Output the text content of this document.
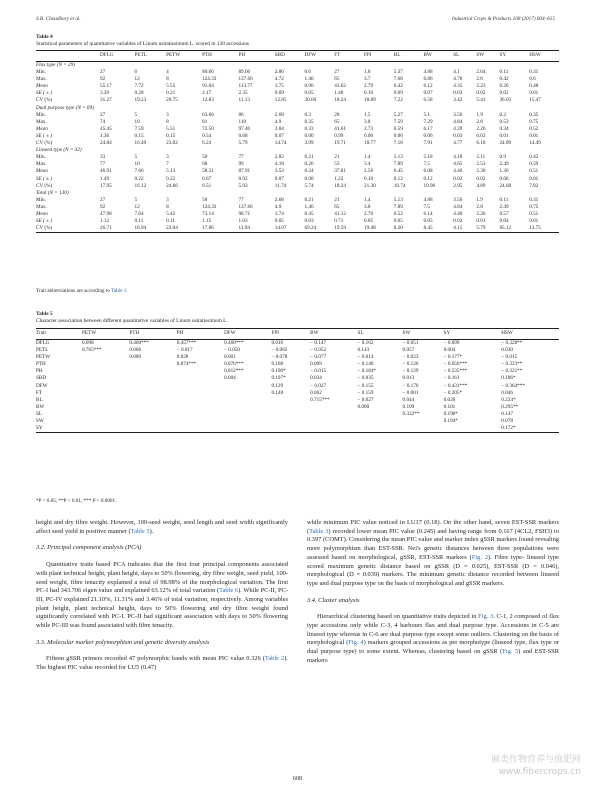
S.B. Choudhary et al.	Industrial Crops & Products 108 (2017) 604–615
Table 4
Statistical parameters of quantitative variables of Linum usitatissimum L. scored in 130 accessions
	DFLG	PETL	PETW	PTH	PH	SBD	DFW	FT	FPI	BL	BW	SL	SW	SY	HSW
Flax type (N = 29)															
Min.	27	6	4	80.66	89.66	2.86	0.6	27	1.8	5.37	4.88	4.1	2.04	0.11	0.31
Max.	92	12	8	124.33	137.66	4.72	1.46	65	3.7	7.68	6.86	4.78	2.6	0.42	0.6
Mean	55.17	7.72	5.55	91.04	113.77	3.75	0.96	43.62	2.79	6.42	6.12	4.35	2.23	0.26	0.48
SE ( ± )	3.20	0.28	0.21	2.17	2.35	0.09	0.05	1.48	0.10	0.09	0.07	0.03	0.02	0.02	0.01
CV (%)	31.27	19.23	20.75	12.83	11.13	12.85	30.60	18.24	18.89	7.22	6.58	3.42	5.41	36.03	15.47
Dual purpose type (N = 69)															
Min.	27	5	3	63.66	86	2.68	0.3	28	1.5	5.27	5.1	3.56	1.9	0.2	0.35
Max.	74	10	8	81	110	4.9	0.35	65	3.8	7.59	7.29	4.84	2.8	0.53	0.75
Mean	45.45	7.59	5.51	72.50	97.40	3.84	0.33	41.61	2.73	6.59	6.17	4.39	2.26	0.34	0.52
SE ( ± )	1.36	0.15	0.15	0.54	0.68	0.07	0.00	0.99	0.06	0.06	0.06	0.03	0.02	0.01	0.01
CV (%)	24.84	16.49	23.02	6.24	5.79	14.74	3.99	19.71	18.77	7.18	7.91	4.77	6.18	24.89	14.49
Linseed type (N = 32)															
Min.	33	5	3	50	77	2.82	0.21	21	1.4	5.13	5.18	4.18	2.11	0.9	0.42
Max.	77	10	7	68	99	4.18	0.26	53	3.4	7.89	7.5	4.65	2.53	2.49	0.59
Mean	46.91	7.66	5.13	58.31	87.91	3.53	0.24	37.81	2.56	6.45	6.08	4.46	2.30	1.36	0.51
SE ( ± )	1.49	0.22	0.22	0.67	0.92	0.07	0.00	1.22	0.10	0.12	0.12	0.02	0.02	0.06	0.01
CV (%)	17.95	16.12	24.66	6.51	5.93	11.74	5.74	18.24	21.30	10.74	10.98	2.95	4.89	24.68	7.82
Total (N = 130)															
Min.	27	5	3	50	77	2.68	0.21	21	1.4	5.13	4.88	3.56	1.9	0.11	0.31
Max.	92	12	8	124.33	137.66	4.9	1.46	65	3.8	7.89	7.5	4.84	2.8	2.49	0.75
Mean	47.98	7.64	5.42	73.14	98.71	3.74	0.45	41.12	2.70	6.52	6.14	4.40	2.26	0.57	0.51
SE ( ± )	1.12	0.11	0.11	1.15	1.03	0.05	0.03	0.71	0.05	0.05	0.05	0.02	0.01	0.04	0.01
CV (%)	26.71	16.94	22.94	17.86	11.94	14.07	69.24	19.59	19.48	8.20	8.45	4.15	5.79	85.12	13.75
Trait abbreviations are according to Table 1.
Table 5
Character association between different quantitative variables of Linum usitatissimum L.
Trait	PETW	PTH	PH	DFW	FPI	BW	SL	SW	SY	HSW
DFLG	0.098	0.400***	0.457***	0.460***	0.016	− 0.147	− 0.162	− 0.051	− 0.099	− 0.328**
PETL	0.765***	0.006	− 0.017	− 0.050	− 0.082	− 0.052	0.143	0.057	0.004	0.030
PETW		0.080	0.028	0.001	− 0.078	− 0.077	− 0.014	− 0.023	− 0.177*	− 0.015
PTH			0.874***	0.876***	0.168	0.009	− 0.148	− 0.126	− 0.656***	− 0.323**
PH				0.812***	0.190*	− 0.015	− 0.184*	− 0.129	− 0.535***	− 0.321**
SBD				0.004	0.197*	0.034	− 0.035	0.013	− 0.161	0.186*
DFW					0.129	− 0.027	− 0.155	− 0.170	− 0.431***	− 0.364***
FT					0.148	0.062	− 0.159	− 0.001	− 0.205*	0.046
BL						0.715***	− 0.027	0.044	0.028	0.224*
BW							0.060	0.109	0.101	0.295**
SL								0.332**	0.198*	0.147
SW									0.194*	0.078
SY										0.172*
*P < 0.05, **P < 0.01, *** P < 0.0001.

height and dry fibre weight. However, 100-seed weight, seed length and seed width significantly affect seed yield in positive manner (Table 5).

3.2. Principal component analysis (PCA)

Quantitative traits based PCA indicates that the first four principal components associated with plant technical height, plant height, days to 50% flowering, dry fibre weight, seed yield, 100-seed weight, fibre tenacity explained a total of 98.98% of the morphological variation. The first PC-I had 343.706 eigen value and explained 63.12% of total variation (Table 6). While PC-II, PC-III, PC-IV explained 21.10%, 11.31% and 3.46% of total variation, respectively. Among variables plant height, plant technical height, days to 50% flowering and dry fibre weight found significantly correlated with PC-I. PC-II had significant association with days to 50% flowering while PC-III was found associated with fibre tenacity.

3.3. Molecular marker polymorphism and genetic diversity analysis

Fifteen gSSR primers recorded 47 polymorphic bands with mean PIC value 0.326 (Table 2). The highest PIC value recorded for LU5 (0.47)

while minimum PIC value noticed in LU17 (0.18). On the other hand, seven EST-SSR markers (Table 3) recorded lower mean PIC value (0.245) and having range from 0.167 (4CL2, FSH3) to 0.397 (COMT). Considering the mean PIC value and marker index gSSR markers found revealing more polymorphism than EST-SSR. Nei's genetic distances between three populations were assessed based on morphological, gSSR, EST-SSR markers (Fig. 2). Fibre type- linseed type scored maximum genetic distance based on gSSR (D = 0.025), EST-SSR (D = 0.046), morphological (D = 0.039) markers. The minimum genetic distance recorded between linseed type and dual purpose type on the basis of morphological and gSSR markers.

3.4. Cluster analysis

Hierarchical clustering based on quantitative traits depicted in Fig. 3. C-1, 2 composed of flax type accessions only while C-3, 4 harbours flax and dual purpose type. Accessions in C-5 are linseed type whereas in C-6 are dual purpose type except some outliers. Clustering on the basis of morphological (Fig. 4) markers grouped accessions as per morphotype (linseed type, flax type or dual purpose type) to some extent. Whereas, clustering based on gSSR (Fig. 5) and EST-SSR markers

608
麻类作物营养与施肥网
www.fibercrops.cn
